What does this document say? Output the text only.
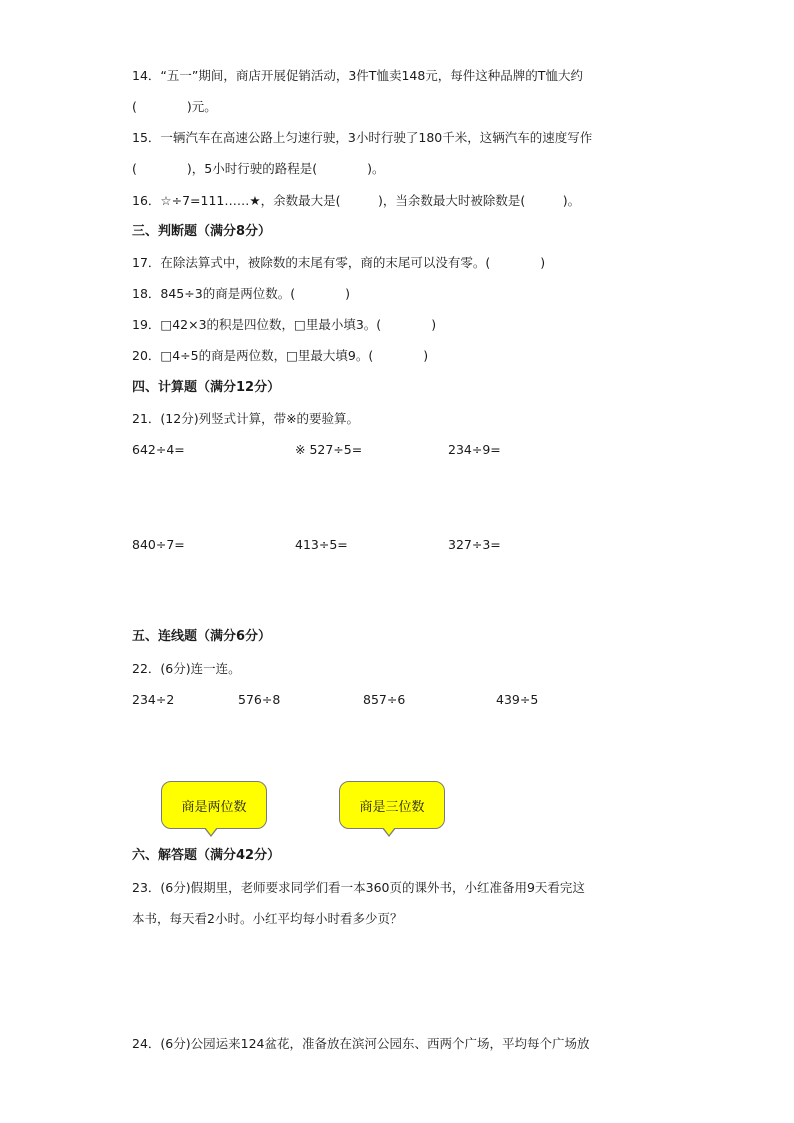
14．“五一”期间，商店开展促销活动，3件T恤卖148元，每件这种品牌的T恤大约
(　　　　)元。
15．一辆汽车在高速公路上匀速行驶，3小时行驶了180千米，这辆汽车的速度写作
(　　　　)，5小时行驶的路程是(　　　　)。
16．☆÷7=111……★，余数最大是(　　　)，当余数最大时被除数是(　　　)。
三、判断题（满分8分）
17．在除法算式中，被除数的末尾有零，商的末尾可以没有零。(　　　　)
18．845÷3的商是两位数。(　　　　)
19．□42×3的积是四位数，□里最小填3。(　　　　)
20．□4÷5的商是两位数，□里最大填9。(　　　　)
四、计算题（满分12分）
21．(12分)列竖式计算，带※的要验算。
642÷4=	※ 527÷5=	234÷9=
840÷7=	413÷5=	327÷3=
五、连线题（满分6分）
22．(6分)连一连。
234÷2	576÷8	857÷6	439÷5
商是两位数	商是三位数
六、解答题（满分42分）
23．(6分)假期里，老师要求同学们看一本360页的课外书，小红准备用9天看完这
本书，每天看2小时。小红平均每小时看多少页？
24．(6分)公园运来124盆花，准备放在滨河公园东、西两个广场，平均每个广场放
